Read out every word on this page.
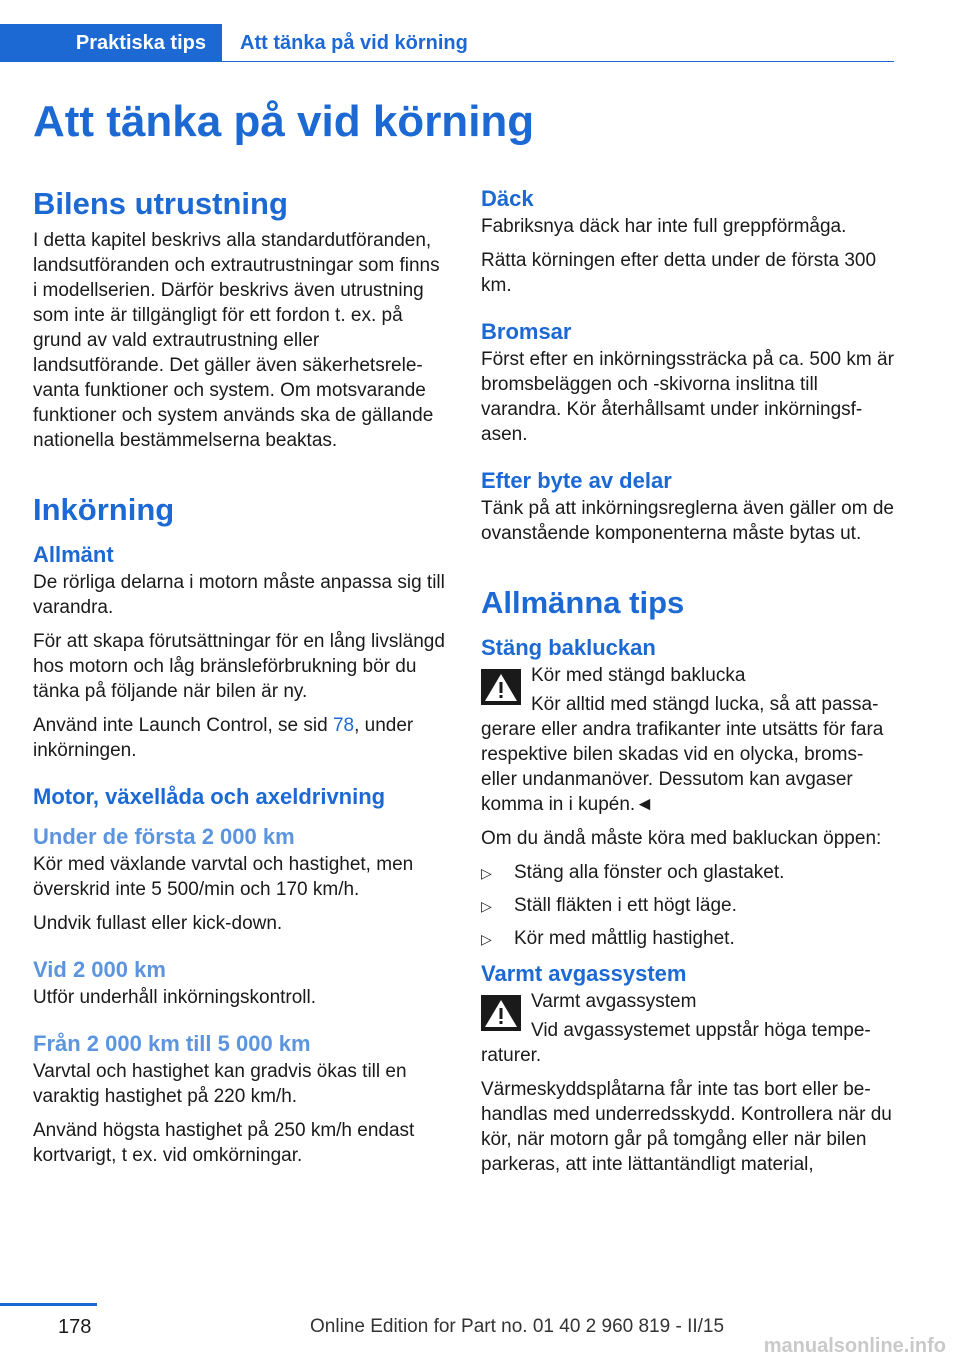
Praktiska tips Att tänka på vid körning
Att tänka på vid körning
Bilens utrustning

I detta kapitel beskrivs alla standardutföranden, landsutföranden och extrautrustningar som finns i modellserien. Därför beskrivs även utrustning som inte är tillgängligt för ett fordon t. ex. på grund av vald extrautrustning eller landsutförande. Det gäller även säkerhetsrelevanta funktioner och system. Om motsvarande funktioner och system används ska de gällande nationella bestämmelserna beaktas.

Inkörning
Allmänt

De rörliga delarna i motorn måste anpassa sig till varandra.

För att skapa förutsättningar för en lång livslängd hos motorn och låg bränsleförbrukning bör du tänka på följande när bilen är ny.

Använd inte Launch Control, se sid 78, under inkörningen.

Motor, växellåda och axeldrivning
Under de första 2 000 km

Kör med växlande varvtal och hastighet, men överskrid inte 5 500/min och 170 km/h.

Undvik fullast eller kick-down.

Vid 2 000 km

Utför underhåll inkörningskontroll.

Från 2 000 km till 5 000 km

Varvtal och hastighet kan gradvis ökas till en varaktig hastighet på 220 km/h.

Använd högsta hastighet på 250 km/h endast kortvarigt, t ex. vid omkörningar.

Däck

Fabriksnya däck har inte full greppförmåga.

Rätta körningen efter detta under de första 300 km.

Bromsar

Först efter en inkörningssträcka på ca. 500 km är bromsbeläggen och -skivorna inslitna till varandra. Kör återhållsamt under inkörningsfasen.

Efter byte av delar

Tänk på att inkörningsreglerna även gäller om de ovanstående komponenterna måste bytas ut.

Allmänna tips
Stäng bakluckan

Kör med stängd baklucka

Kör alltid med stängd lucka, så att passagerare eller andra trafikanter inte utsätts för fara respektive bilen skadas vid en olycka, broms- eller undanmanöver. Dessutom kan avgaser komma in i kupén.◄

Om du ändå måste köra med bakluckan öppen:

▷ Stäng alla fönster och glastaket.
▷ Ställ fläkten i ett högt läge.
▷ Kör med måttlig hastighet.
Varmt avgassystem

Varmt avgassystem

Vid avgassystemet uppstår höga temperaturer.

Värmeskyddsplåtarna får inte tas bort eller behandlas med underredsskydd. Kontrollera när du kör, när motorn går på tomgång eller när bilen parkeras, att inte lättantändligt material,

178	Online Edition for Part no. 01 40 2 960 819 - II/15
manualsonline.info
